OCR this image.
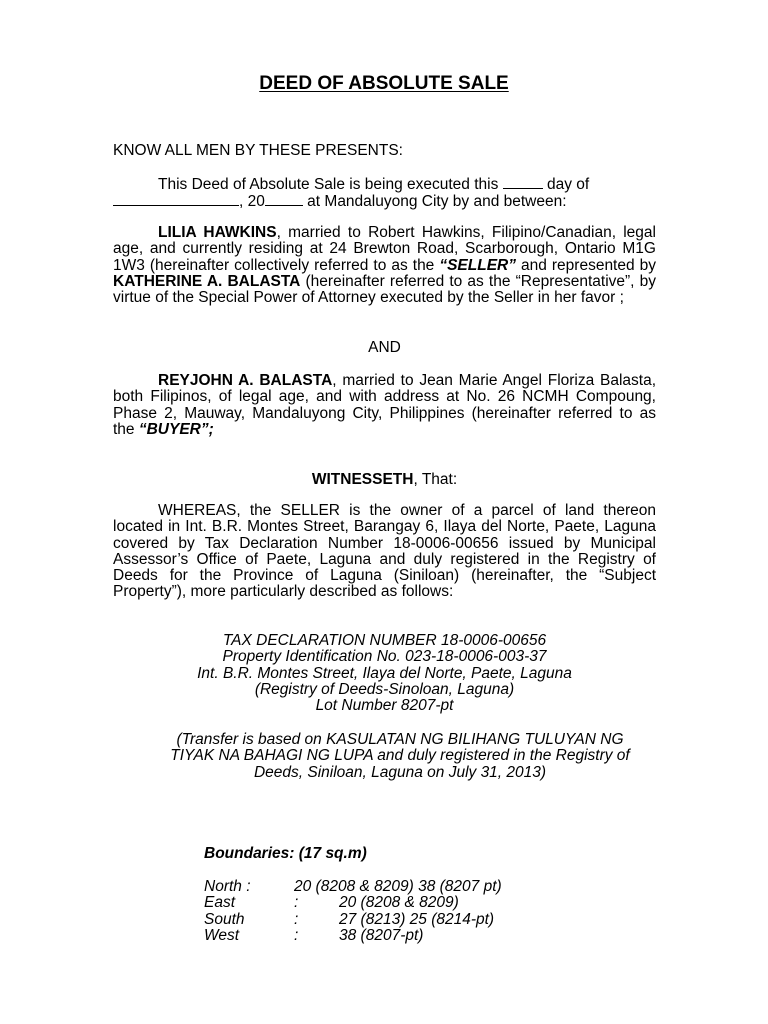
DEED OF ABSOLUTE SALE
KNOW ALL MEN BY THESE PRESENTS:
This Deed of Absolute Sale is being executed this	day of
, 20	at Mandaluyong City by and between:
LILIA HAWKINS, married to Robert Hawkins, Filipino/Canadian, legal age, and currently residing at 24 Brewton Road, Scarborough, Ontario M1G 1W3 (hereinafter collectively referred to as the “SELLER” and represented by KATHERINE A. BALASTA (hereinafter referred to as the “Representative”, by virtue of the Special Power of Attorney executed by the Seller in her favor ;
AND
REYJOHN A. BALASTA, married to Jean Marie Angel Floriza Balasta, both Filipinos, of legal age, and with address at No. 26 NCMH Compoung, Phase 2, Mauway, Mandaluyong City, Philippines (hereinafter referred to as the “BUYER”;
WITNESSETH, That:
WHEREAS, the SELLER is the owner of a parcel of land thereon located in Int. B.R. Montes Street, Barangay 6, Ilaya del Norte, Paete, Laguna covered by Tax Declaration Number 18-0006-00656 issued by Municipal Assessor’s Office of Paete, Laguna and duly registered in the Registry of Deeds for the Province of Laguna (Siniloan) (hereinafter, the “Subject Property”), more particularly described as follows:
TAX DECLARATION NUMBER 18-0006-00656
Property Identification No. 023-18-0006-003-37
Int. B.R. Montes Street, Ilaya del Norte, Paete, Laguna
(Registry of Deeds-Sinoloan, Laguna)
Lot Number 8207-pt
(Transfer is based on KASULATAN NG BILIHANG TULUYAN NG TIYAK NA BAHAGI NG LUPA and duly registered in the Registry of Deeds, Siniloan, Laguna on July 31, 2013)
Boundaries: (17 sq.m)
North :	20 (8208 & 8209) 38 (8207 pt)
East	:	20 (8208 & 8209)
South	:	27 (8213) 25 (8214-pt)
West	:	38 (8207-pt)
